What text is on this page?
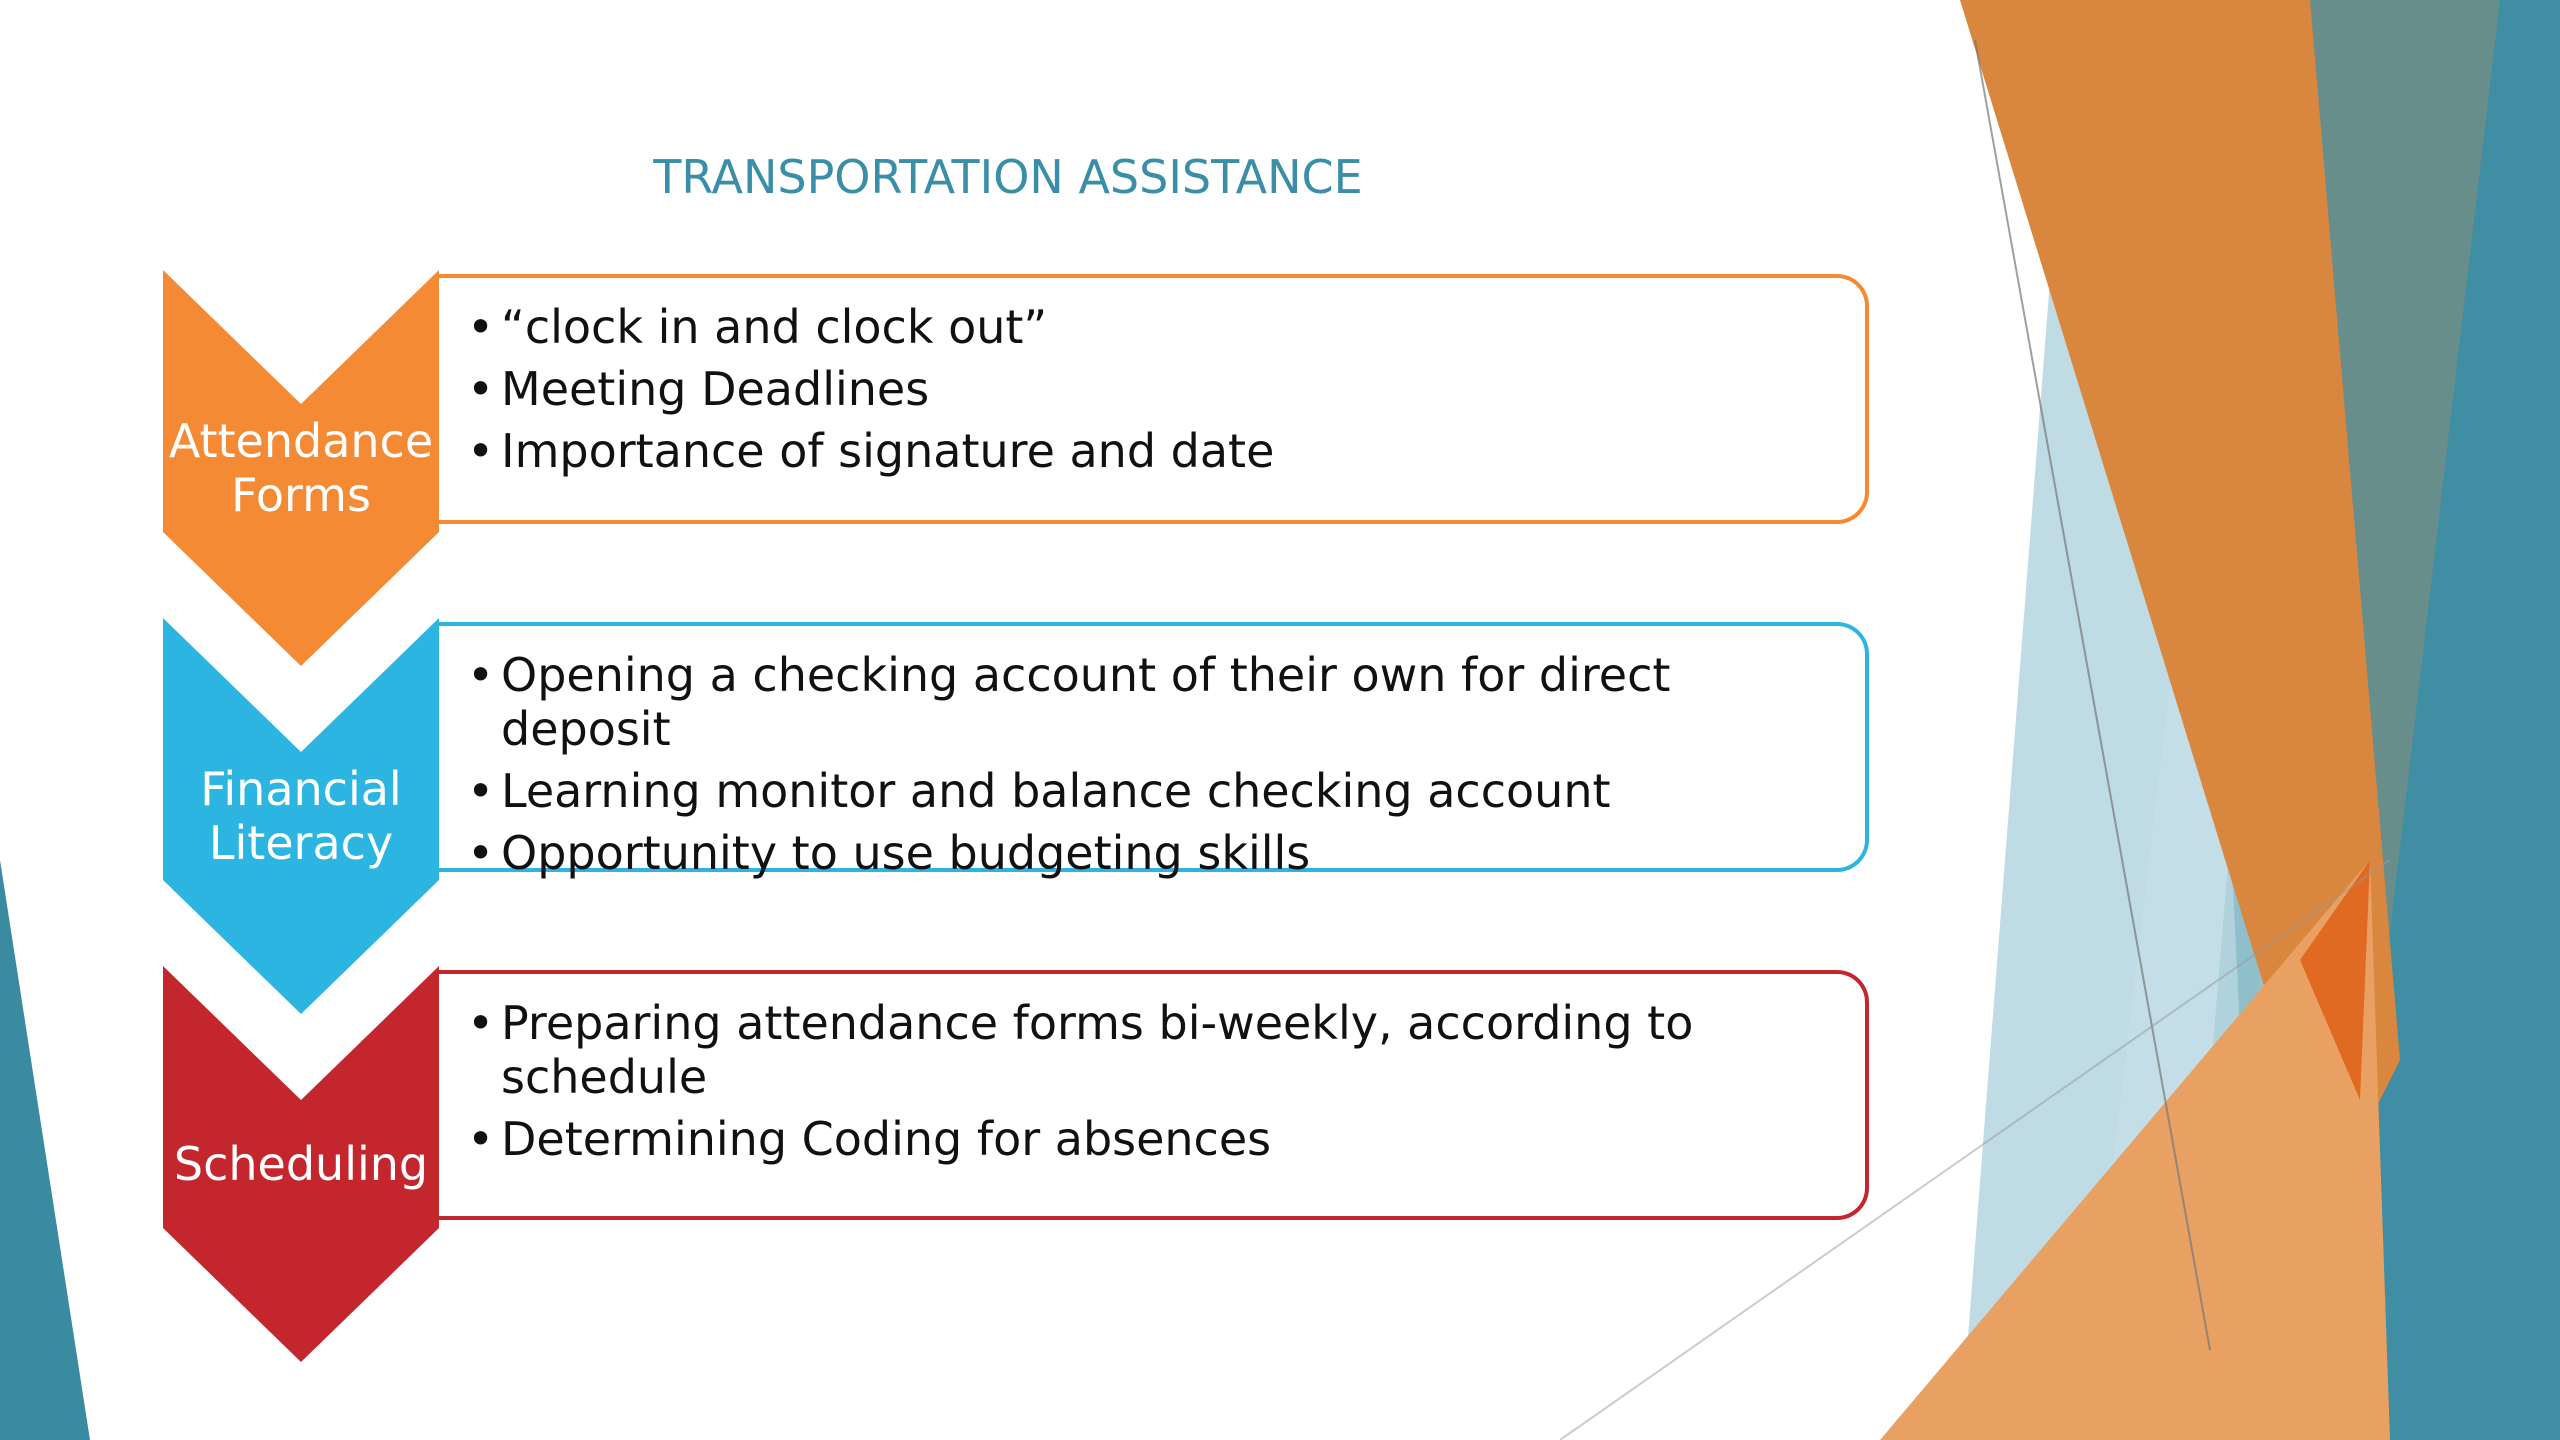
TRANSPORTATION ASSISTANCE
• “clock in and clock out”
• Meeting Deadlines
• Importance of signature and date
Attendance
Forms
• Opening a checking account of their own for direct deposit
• Learning monitor and balance checking account
• Opportunity to use budgeting skills
Financial
Literacy
• Preparing attendance forms bi-weekly, according to schedule
• Determining Coding for absences
Scheduling
